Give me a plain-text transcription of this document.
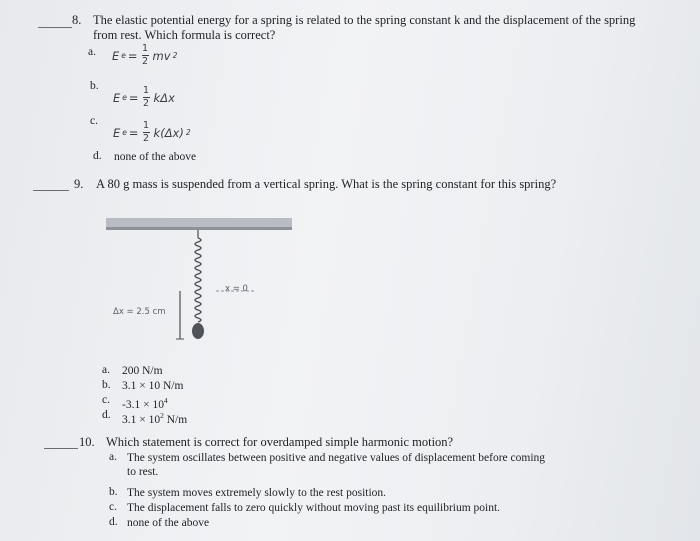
8. The elastic potential energy for a spring is related to the spring constant k and the displacement of the spring
from rest. Which formula is correct?
a. E $e = \frac{1}{2}$ mv 2
b.
E $e = \frac{1}{2}$ kΔx
c.
E $e = \frac{1}{2} k(\Delta x)$ 2
d. none of the above
9. A 80 g mass is suspended from a vertical spring. What is the spring constant for this spring?
x = 0
Δx = 2.5 cm
a. 200 N/m
b. 3.1 × 10 N/m
c. $-3.1 \times 10^4$
d. $3.1 \times 10^2$ N/m
10. Which statement is correct for overdamped simple harmonic motion?
a. The system oscillates between positive and negative values of displacement before coming
to rest.
b. The system moves extremely slowly to the rest position.
c. The displacement falls to zero quickly without moving past its equilibrium point.
d. none of the above
